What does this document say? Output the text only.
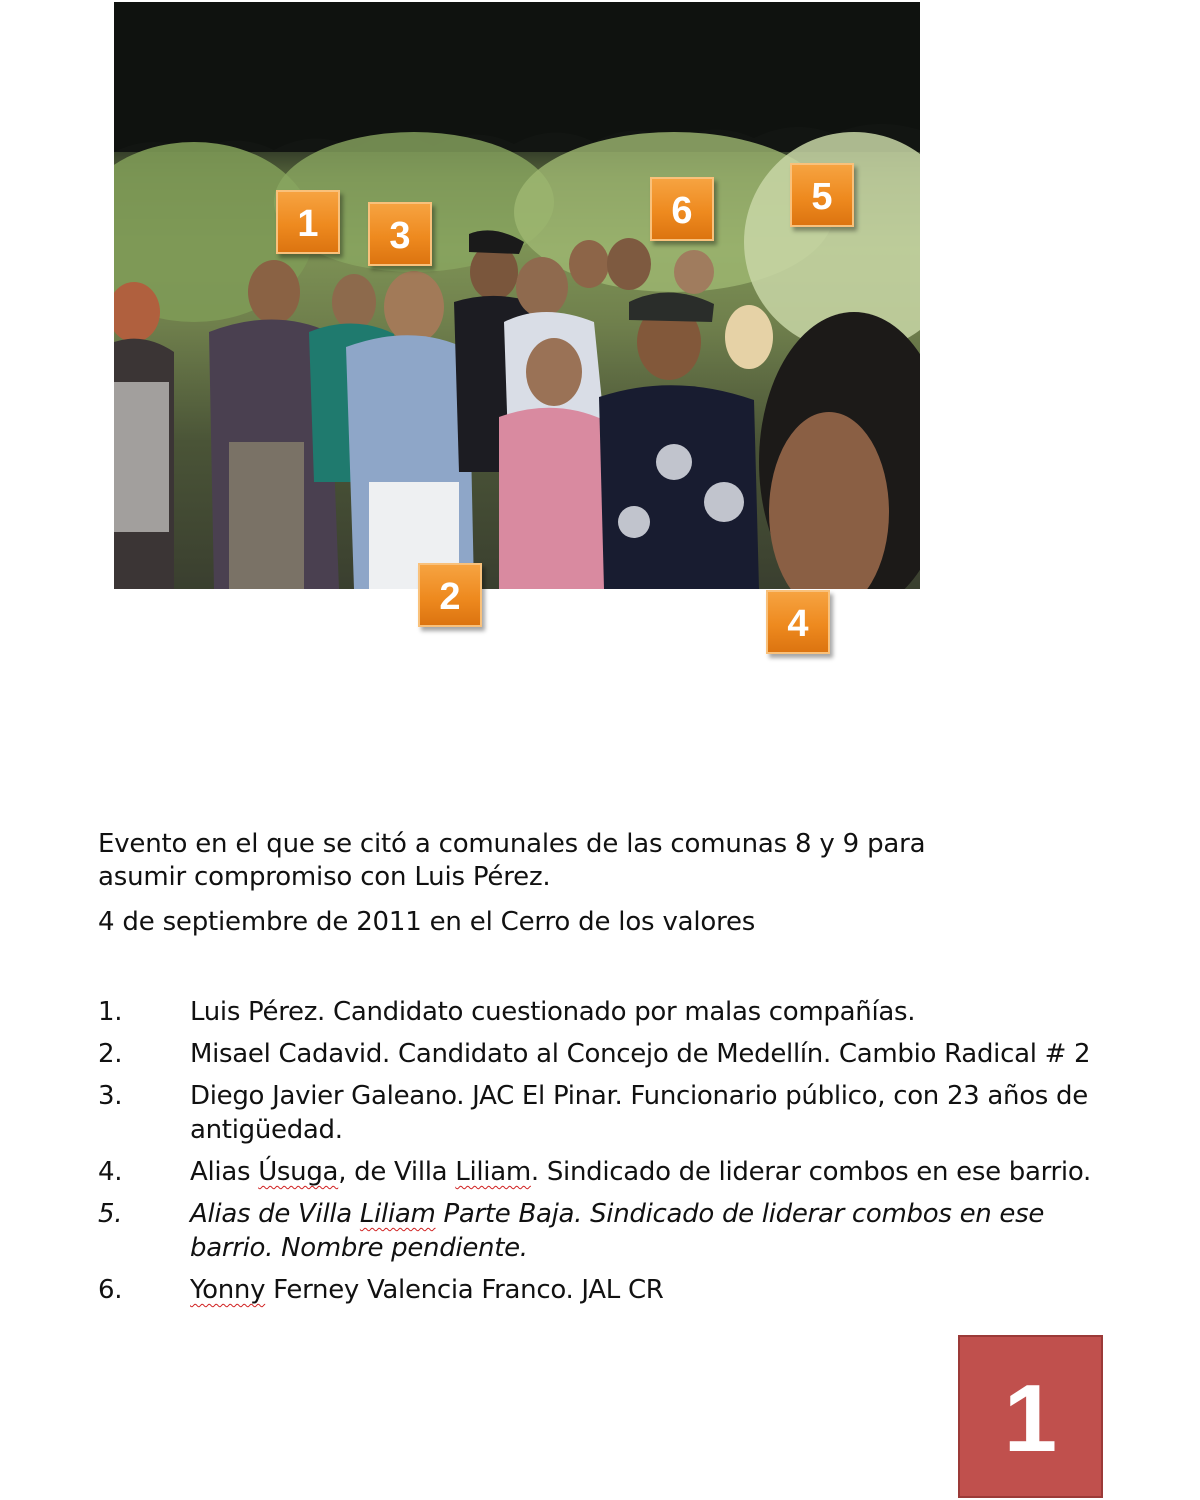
1	3
6	5
2
4
Evento en el que se citó a comunales de las comunas 8 y 9 para
asumir compromiso con Luis Pérez.
4 de septiembre de 2011 en el Cerro de los valores
1.	Luis Pérez. Candidato cuestionado por malas compañías.
2.	Misael Cadavid. Candidato al Concejo de Medellín. Cambio Radical # 2
3.	Diego Javier Galeano. JAC El Pinar. Funcionario público, con 23 años de antigüedad.
4.	Alias Úsuga, de Villa Liliam. Sindicado de liderar combos en ese barrio.
5.	Alias de Villa Liliam Parte Baja. Sindicado de liderar combos en ese barrio. Nombre pendiente.
6.	Yonny Ferney Valencia Franco. JAL CR
1
